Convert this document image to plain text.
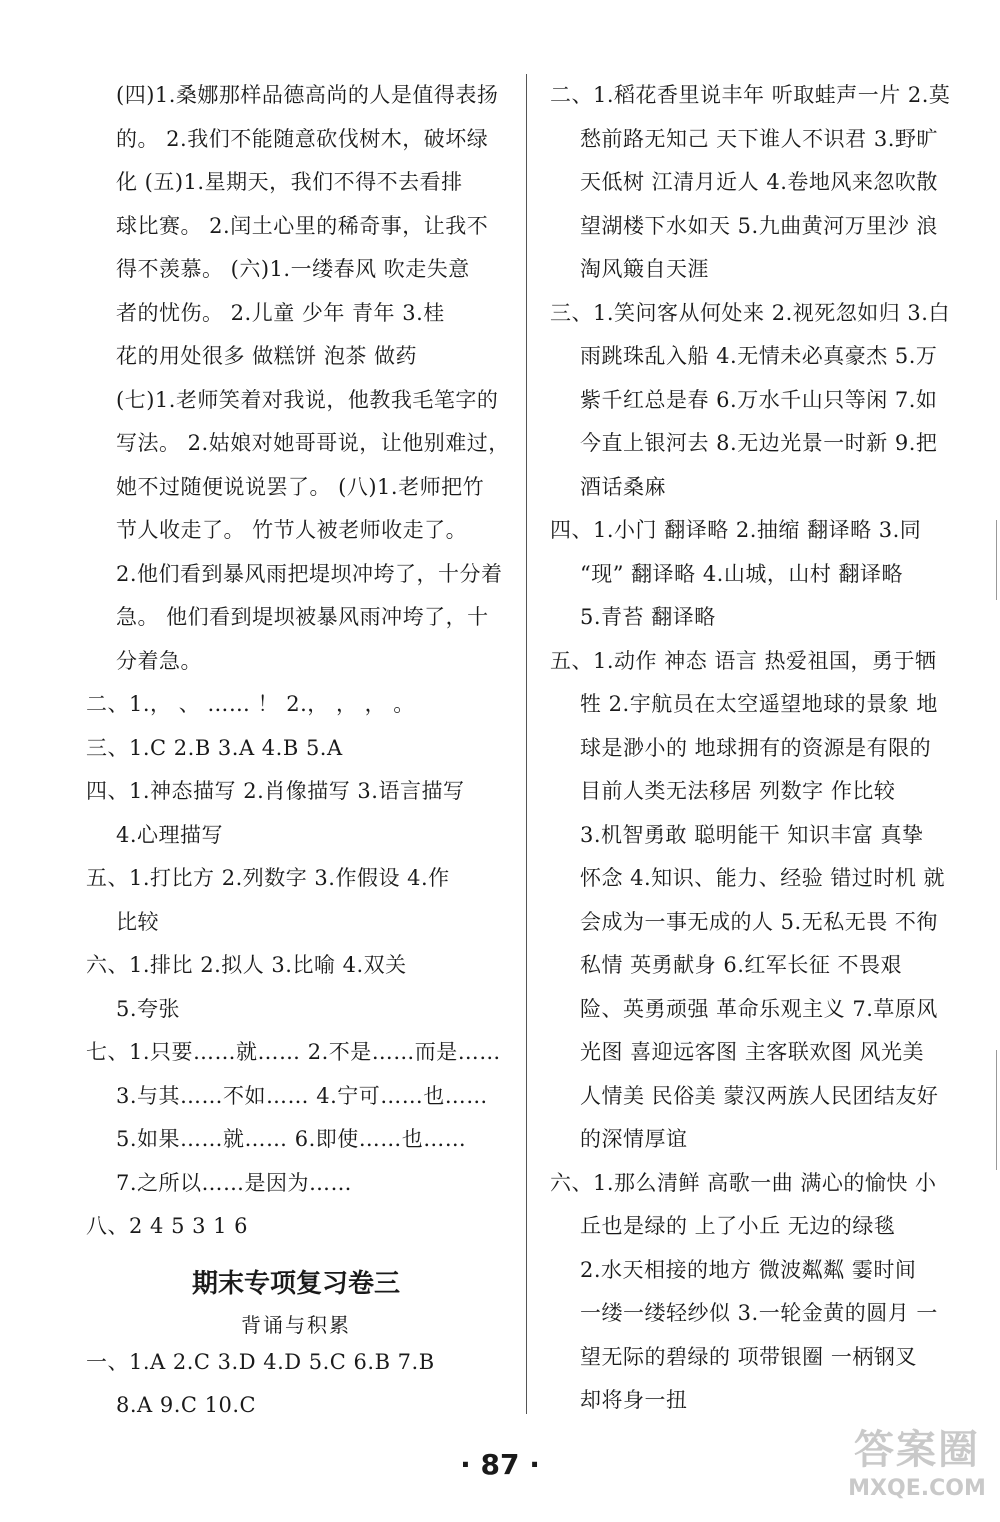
(四)1.桑娜那样品德高尚的人是值得表扬
的。 2.我们不能随意砍伐树木，破坏绿
化 (五)1.星期天，我们不得不去看排
球比赛。 2.闰土心里的稀奇事，让我不
得不羡慕。 (六)1.一缕春风 吹走失意
者的忧伤。 2.儿童 少年 青年 3.桂
花的用处很多 做糕饼 泡茶 做药
(七)1.老师笑着对我说，他教我毛笔字的
写法。 2.姑娘对她哥哥说，让他别难过，
她不过随便说说罢了。 (八)1.老师把竹
节人收走了。 竹节人被老师收走了。
2.他们看到暴风雨把堤坝冲垮了，十分着
急。 他们看到堤坝被暴风雨冲垮了，十
分着急。
二、1.， 、 …… ！ 2.， ， ， 。
三、1.C 2.B 3.A 4.B 5.A
四、1.神态描写 2.肖像描写 3.语言描写
4.心理描写
五、1.打比方 2.列数字 3.作假设 4.作
比较
六、1.排比 2.拟人 3.比喻 4.双关
5.夸张
七、1.只要……就…… 2.不是……而是……
3.与其……不如…… 4.宁可……也……
5.如果……就…… 6.即使……也……
7.之所以……是因为……
八、2 4 5 3 1 6
期末专项复习卷三
背诵与积累
一、1.A 2.C 3.D 4.D 5.C 6.B 7.B
8.A 9.C 10.C
二、1.稻花香里说丰年 听取蛙声一片 2.莫
愁前路无知己 天下谁人不识君 3.野旷
天低树 江清月近人 4.卷地风来忽吹散
望湖楼下水如天 5.九曲黄河万里沙 浪
淘风簸自天涯
三、1.笑问客从何处来 2.视死忽如归 3.白
雨跳珠乱入船 4.无情未必真豪杰 5.万
紫千红总是春 6.万水千山只等闲 7.如
今直上银河去 8.无边光景一时新 9.把
酒话桑麻
四、1.小门 翻译略 2.抽缩 翻译略 3.同
“现” 翻译略 4.山城，山村 翻译略
5.青苔 翻译略
五、1.动作 神态 语言 热爱祖国，勇于牺
牲 2.宇航员在太空遥望地球的景象 地
球是渺小的 地球拥有的资源是有限的
目前人类无法移居 列数字 作比较
3.机智勇敢 聪明能干 知识丰富 真挚
怀念 4.知识、能力、经验 错过时机 就
会成为一事无成的人 5.无私无畏 不徇
私情 英勇献身 6.红军长征 不畏艰
险、英勇顽强 革命乐观主义 7.草原风
光图 喜迎远客图 主客联欢图 风光美
人情美 民俗美 蒙汉两族人民团结友好
的深情厚谊
六、1.那么清鲜 高歌一曲 满心的愉快 小
丘也是绿的 上了小丘 无边的绿毯
2.水天相接的地方 微波粼粼 霎时间
一缕一缕轻纱似 3.一轮金黄的圆月 一
望无际的碧绿的 项带银圈 一柄钢叉
却将身一扭
· 87 ·	答案圈
MXQE.COM
